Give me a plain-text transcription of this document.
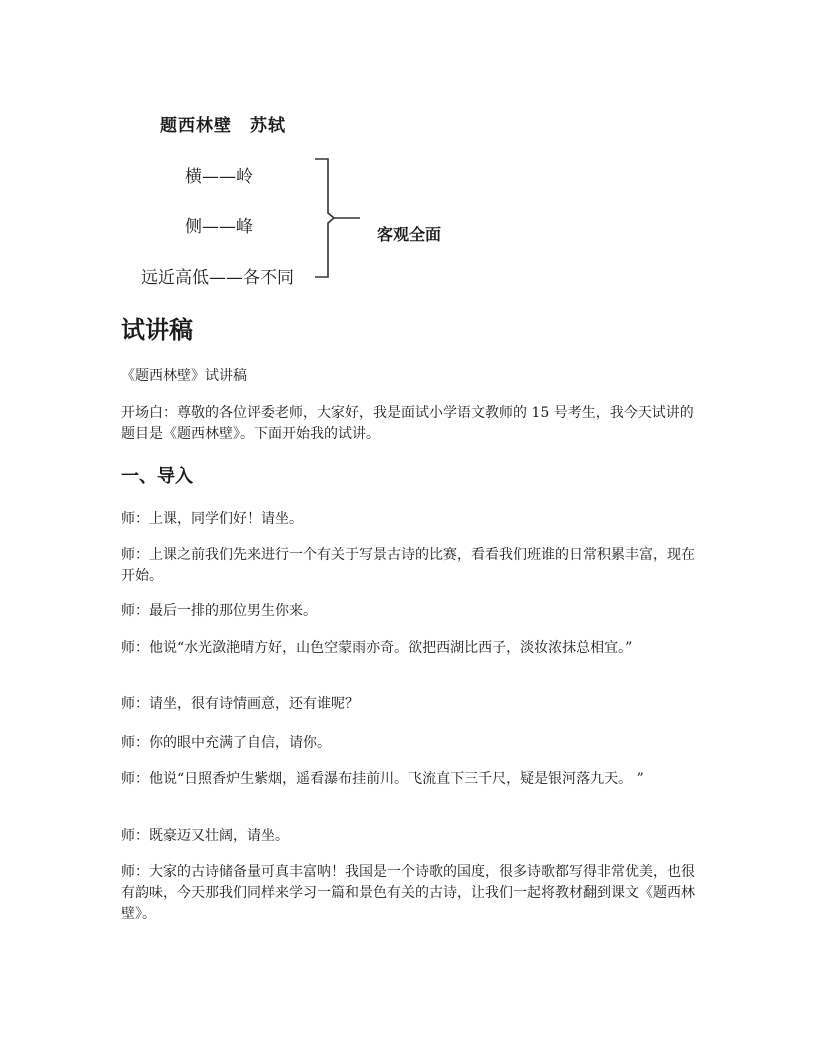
题西林壁　苏轼
横——岭
侧——峰
远近高低——各不同
客观全面
试讲稿

《题西林壁》试讲稿

开场白：尊敬的各位评委老师，大家好，我是面试小学语文教师的 15 号考生，我今天试讲的题目是《题西林壁》。下面开始我的试讲。

一、导入

师：上课，同学们好！请坐。

师：上课之前我们先来进行一个有关于写景古诗的比赛，看看我们班谁的日常积累丰富，现在开始。

师：最后一排的那位男生你来。

师：他说“水光潋滟晴方好，山色空蒙雨亦奇。欲把西湖比西子，淡妆浓抹总相宜。”

师：请坐，很有诗情画意，还有谁呢？

师：你的眼中充满了自信，请你。

师：他说“日照香炉生紫烟，遥看瀑布挂前川。飞流直下三千尺，疑是银河落九天。 ”

师：既豪迈又壮阔，请坐。

师：大家的古诗储备量可真丰富呐！我国是一个诗歌的国度，很多诗歌都写得非常优美，也很有韵味，今天那我们同样来学习一篇和景色有关的古诗，让我们一起将教材翻到课文《题西林壁》。
